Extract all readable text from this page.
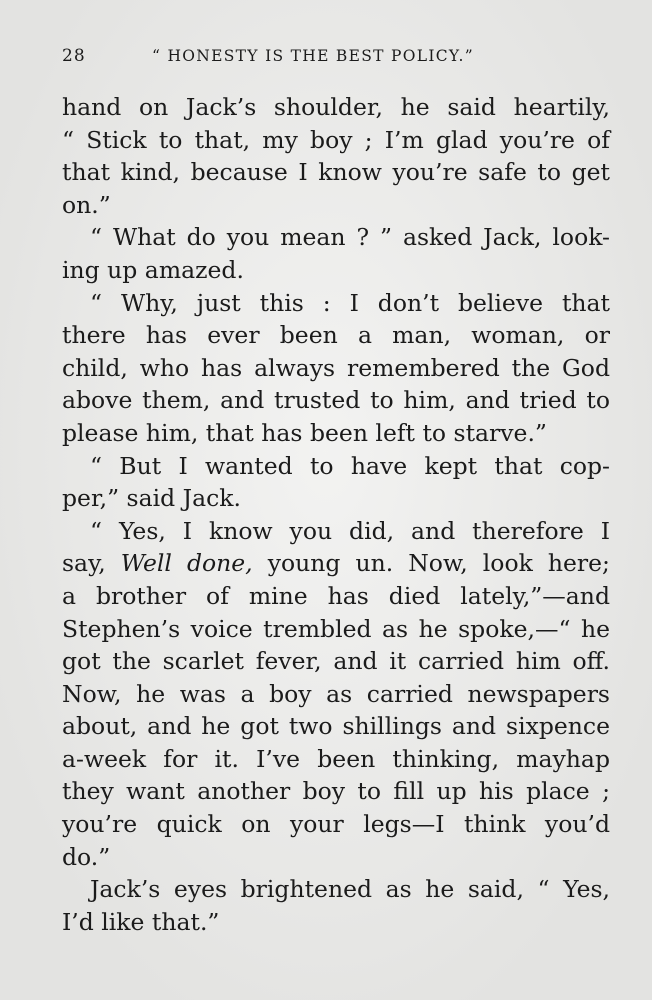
28	“ HONESTY IS THE BEST POLICY.”
hand on Jack’s shoulder, he said heartily,
“ Stick to that, my boy ; I’m glad you’re of
that kind, because I know you’re safe to get
on.”
“ What do you mean ? ” asked Jack, look-
ing up amazed.
“ Why, just this : I don’t believe that
there has ever been a man, woman, or
child, who has always remembered the God
above them, and trusted to him, and tried to
please him, that has been left to starve.”
“ But I wanted to have kept that cop-
per,” said Jack.
“ Yes, I know you did, and therefore I
say, Well done, young un. Now, look here;
a brother of mine has died lately,”—and
Stephen’s voice trembled as he spoke,—“ he
got the scarlet fever, and it carried him off.
Now, he was a boy as carried newspapers
about, and he got two shillings and sixpence
a-week for it. I’ve been thinking, mayhap
they want another boy to fill up his place ;
you’re quick on your legs—I think you’d
do.”
Jack’s eyes brightened as he said, “ Yes,
I’d like that.”
